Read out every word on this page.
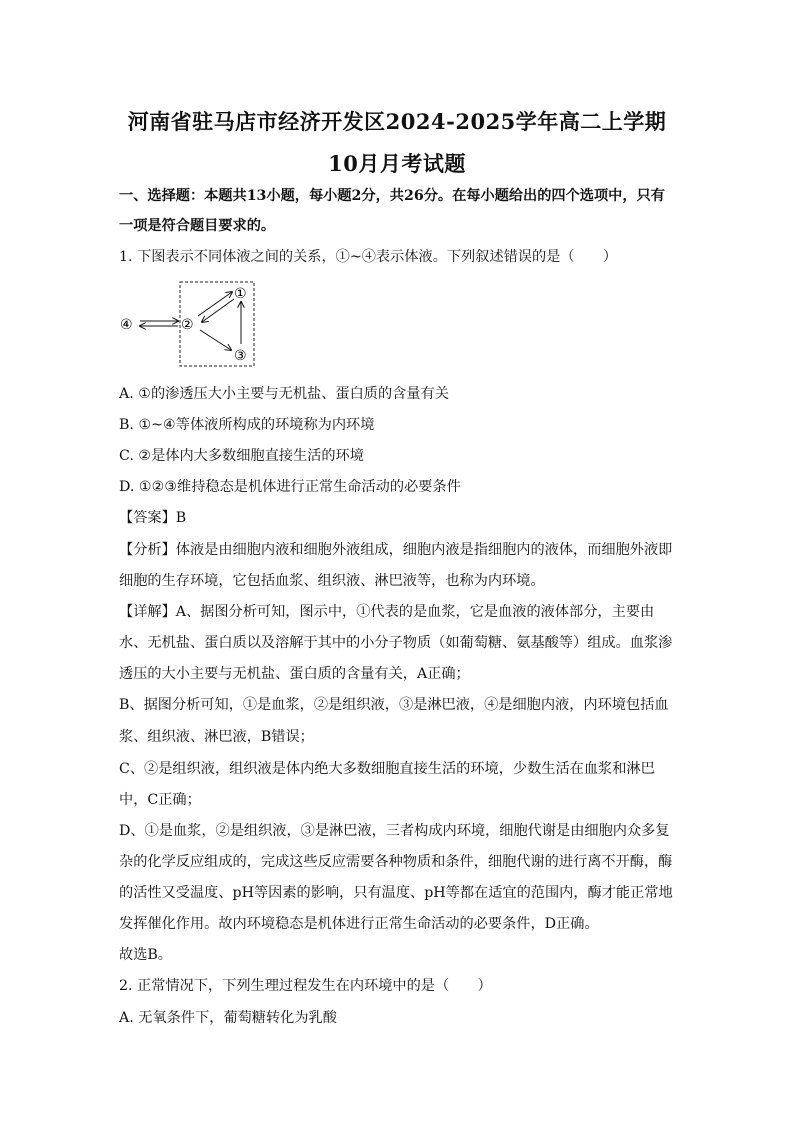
河南省驻马店市经济开发区2024-2025学年高二上学期
10月月考试题
一、选择题：本题共13小题，每小题2分，共26分。在每小题给出的四个选项中，只有
一项是符合题目要求的。
1. 下图表示不同体液之间的关系，①~④表示体液。下列叙述错误的是（　　）
①
②
③
④
A. ①的渗透压大小主要与无机盐、蛋白质的含量有关
B. ①~④等体液所构成的环境称为内环境
C. ②是体内大多数细胞直接生活的环境
D. ①②③维持稳态是机体进行正常生命活动的必要条件
【答案】B
【分析】体液是由细胞内液和细胞外液组成，细胞内液是指细胞内的液体，而细胞外液即
细胞的生存环境，它包括血浆、组织液、淋巴液等，也称为内环境。
【详解】A、据图分析可知，图示中，①代表的是血浆，它是血液的液体部分，主要由
水、无机盐、蛋白质以及溶解于其中的小分子物质（如葡萄糖、氨基酸等）组成。血浆渗
透压的大小主要与无机盐、蛋白质的含量有关，A正确；
B、据图分析可知，①是血浆，②是组织液，③是淋巴液，④是细胞内液，内环境包括血
浆、组织液、淋巴液，B错误；
C、②是组织液，组织液是体内绝大多数细胞直接生活的环境，少数生活在血浆和淋巴
中，C正确；
D、①是血浆，②是组织液，③是淋巴液，三者构成内环境，细胞代谢是由细胞内众多复
杂的化学反应组成的，完成这些反应需要各种物质和条件，细胞代谢的进行离不开酶，酶
的活性又受温度、pH等因素的影响，只有温度、pH等都在适宜的范围内，酶才能正常地
发挥催化作用。故内环境稳态是机体进行正常生命活动的必要条件，D正确。
故选B。
2. 正常情况下，下列生理过程发生在内环境中的是（　　）
A. 无氧条件下，葡萄糖转化为乳酸
